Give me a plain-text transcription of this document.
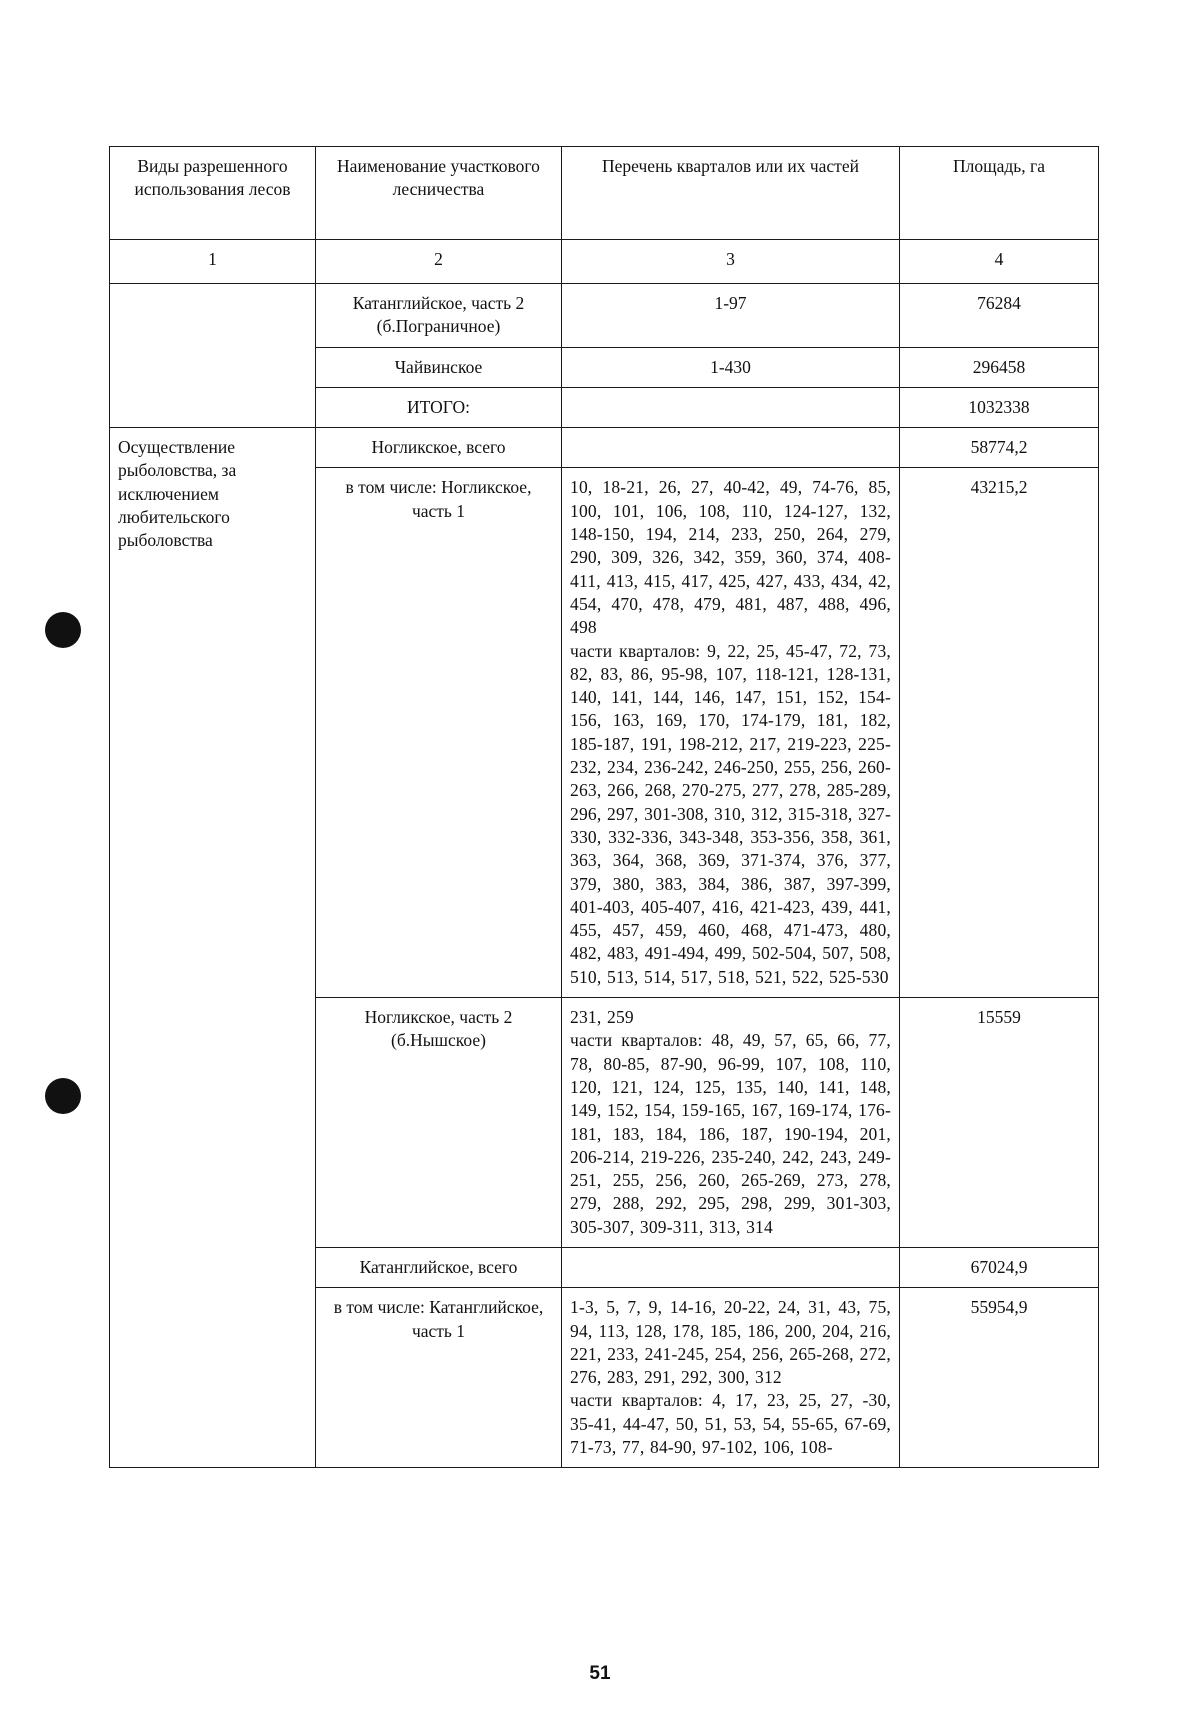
Виды разрешенного использования лесов	Наименование участкового лесничества	Перечень кварталов или их частей	Площадь, га
1	2	3	4
	Катанглийское, часть 2 (б.Пограничное)	1-97	76284
	Чайвинское	1-430	296458
	ИТОГО:		1032338
Осуществление рыболовства, за исключением любительского рыболовства	Ногликское, всего		58774,2
	в том числе: Ногликское, часть 1	10, 18-21, 26, 27, 40-42, 49, 74-76, 85, 100, 101, 106, 108, 110, 124-127, 132, 148-150, 194, 214, 233, 250, 264, 279, 290, 309, 326, 342, 359, 360, 374, 408-411, 413, 415, 417, 425, 427, 433, 434, 42, 454, 470, 478, 479, 481, 487, 488, 496, 498
части кварталов: 9, 22, 25, 45-47, 72, 73, 82, 83, 86, 95-98, 107, 118-121, 128-131, 140, 141, 144, 146, 147, 151, 152, 154-156, 163, 169, 170, 174-179, 181, 182, 185-187, 191, 198-212, 217, 219-223, 225-232, 234, 236-242, 246-250, 255, 256, 260-263, 266, 268, 270-275, 277, 278, 285-289, 296, 297, 301-308, 310, 312, 315-318, 327-330, 332-336, 343-348, 353-356, 358, 361, 363, 364, 368, 369, 371-374, 376, 377, 379, 380, 383, 384, 386, 387, 397-399, 401-403, 405-407, 416, 421-423, 439, 441, 455, 457, 459, 460, 468, 471-473, 480, 482, 483, 491-494, 499, 502-504, 507, 508, 510, 513, 514, 517, 518, 521, 522, 525-530	43215,2
	Ногликское, часть 2 (б.Нышское)	231, 259
части кварталов: 48, 49, 57, 65, 66, 77, 78, 80-85, 87-90, 96-99, 107, 108, 110, 120, 121, 124, 125, 135, 140, 141, 148, 149, 152, 154, 159-165, 167, 169-174, 176-181, 183, 184, 186, 187, 190-194, 201, 206-214, 219-226, 235-240, 242, 243, 249-251, 255, 256, 260, 265-269, 273, 278, 279, 288, 292, 295, 298, 299, 301-303, 305-307, 309-311, 313, 314	15559
	Катанглийское, всего		67024,9
	в том числе: Катанглийское, часть 1	1-3, 5, 7, 9, 14-16, 20-22, 24, 31, 43, 75, 94, 113, 128, 178, 185, 186, 200, 204, 216, 221, 233, 241-245, 254, 256, 265-268, 272, 276, 283, 291, 292, 300, 312
части кварталов: 4, 17, 23, 25, 27, -30, 35-41, 44-47, 50, 51, 53, 54, 55-65, 67-69, 71-73, 77, 84-90, 97-102, 106, 108-	55954,9
51
